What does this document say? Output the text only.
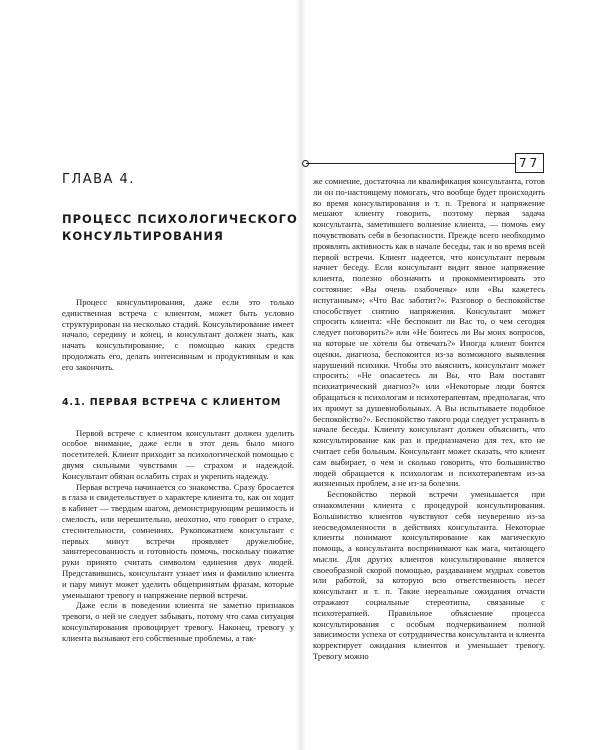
ГЛАВА 4.
ПРОЦЕСС ПСИХОЛОГИЧЕСКОГО КОНСУЛЬТИРОВАНИЯ

Процесс консультирования, даже если это только единственная встреча с клиентом, может быть условно структурирован на несколько стадий. Консультирование имеет начало, середину и конец, и консультант должен знать, как начать консультирование, с помощью каких средств продолжать его, делать интенсивным и продуктивным и как его закончить.

4.1. ПЕРВАЯ ВСТРЕЧА С КЛИЕНТОМ

Первой встрече с клиентом консультант должен уделить особое внимание, даже если в этот день было много посетителей. Клиент приходит за психологической помощью с двумя сильными чувствами — страхом и надеждой. Консультант обязан ослабить страх и укрепить надежду.

Первая встреча начинается со знакомства. Сразу бросается в глаза и свидетельствует о характере клиента то, как он ходит в кабинет — твердым шагом, демонстрирующим решимость и смелость, или нерешительно, неохотно, что говорит о страхе, стеснительности, сомнениях. Рукопожатием консультант с первых минут встречи проявляет дружелюбие, заинтересованность и готовность помочь, поскольку пожатие руки принято считать символом единения двух людей. Представившись, консультант узнает имя и фамилию клиента и пару минут может уделить общепринятым фразам, которые уменьшают тревогу и напряжение первой встречи.

Даже если в поведении клиента не заметно признаков тревоги, о ней не следует забывать, потому что сама ситуация консультирования провоцирует тревогу. Наконец, тревогу у клиента вызывают его собственные проблемы, а так-

77

же сомнение, достаточна ли квалификация консультанта, готов ли он по-настоящему помогать, что вообще будет происходить во время консультирования и т. п. Тревога и напряжение мешают клиенту говорить, поэтому первая задача консультанта, заметившего волнение клиента, — помочь ему почувствовать себя в безопасности. Прежде всего необходимо проявлять активность как в начале беседы, так и во время всей первой встречи. Клиент надеется, что консультант первым начнет беседу. Если консультант видит явное напряжение клиента, полезно обозначить и прокомментировать это состояние: «Вы очень озабочены» или «Вы кажетесь испуганным»; «Что Вас заботит?». Разговор о беспокойстве способствует снятию напряжения. Консультант может спросить клиента: «Не беспокоит ли Вас то, о чем сегодня следует поговорить?» или «Не боитесь ли Вы моих вопросов, на которые не хотели бы отвечать?» Иногда клиент боится оценки, диагноза, беспокоится из-за возможного выявления нарушений психики. Чтобы это выяснить, консультант может спросить: «Не опасаетесь ли Вы, что Вам поставят психиатрический диагноз?» или «Некоторые люди боятся обращаться к психологам и психотерапевтам, предполагая, что их примут за душевнобольных. А Вы испытываете подобное беспокойство?». Беспокойство такого рода следует устранить в начале беседы. Клиенту консультант должен объяснить, что консультирование как раз и предназначено для тех, кто не считает себя больным. Консультант может сказать, что клиент сам выбирает, о чем и сколько говорить, что большинство людей обращается к психологам и психотерапевтам из-за жизненных проблем, а не из-за болезни.

Беспокойство первой встречи уменьшается при ознакомлении клиента с процедурой консультирования. Большинство клиентов чувствуют себя неуверенно из-за неосведомленности в действиях консультанта. Некоторые клиенты понимают консультирование как магическую помощь, а консультанта воспринимают как мага, читающего мысли. Для других клиентов консультирование является своеобразной скорой помощью, раздаванием мудрых советов или работой, за которую всю ответственность несет консультант и т. п. Такие нереальные ожидания отчасти отражают социальные стереотипы, связанные с психотерапией. Правильное объяснение процесса консультирования с особым подчеркиванием полной зависимости успеха от сотрудничества консультанта и клиента корректирует ожидания клиентов и уменьшает тревогу. Тревогу можно
